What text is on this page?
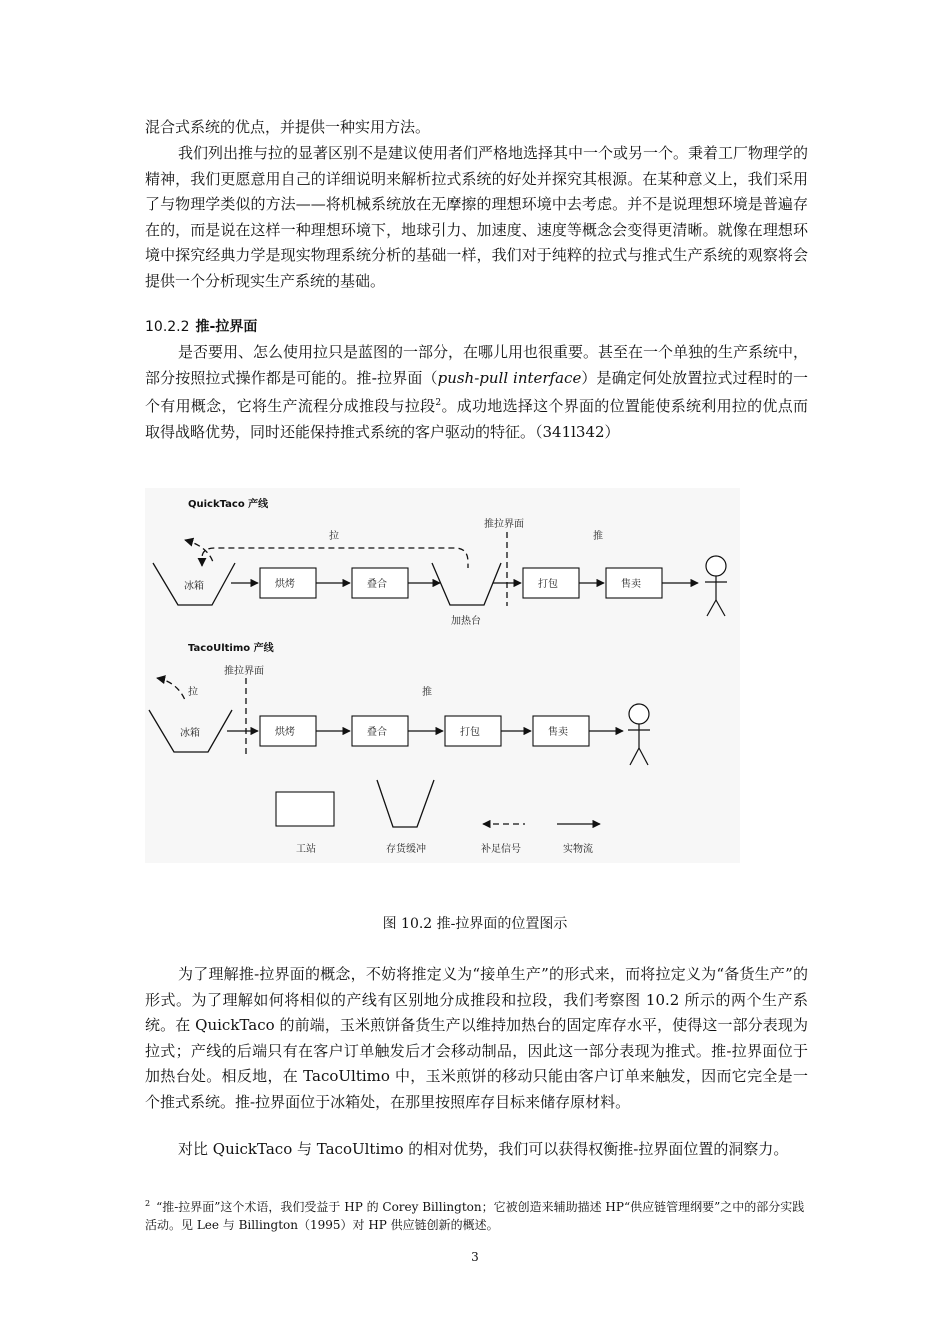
混合式系统的优点，并提供一种实用方法。

我们列出推与拉的显著区别不是建议使用者们严格地选择其中一个或另一个。秉着工厂物理学的精神，我们更愿意用自己的详细说明来解析拉式系统的好处并探究其根源。在某种意义上，我们采用了与物理学类似的方法——将机械系统放在无摩擦的理想环境中去考虑。并不是说理想环境是普遍存在的，而是说在这样一种理想环境下，地球引力、加速度、速度等概念会变得更清晰。就像在理想环境中探究经典力学是现实物理系统分析的基础一样，我们对于纯粹的拉式与推式生产系统的观察将会提供一个分析现实生产系统的基础。

10.2.2 推-拉界面

是否要用、怎么使用拉只是蓝图的一部分，在哪儿用也很重要。甚至在一个单独的生产系统中，部分按照拉式操作都是可能的。推-拉界面（push-pull interface）是确定何处放置拉式过程时的一个有用概念，它将生产流程分成推段与拉段$^2$。成功地选择这个界面的位置能使系统利用拉的优点而取得战略优势，同时还能保持推式系统的客户驱动的特征。（341l342）

QuickTaco 产线
推拉界面
拉	推
冰箱
加热台
烘烤	叠合	打包	售卖
TacoUltimo 产线
推拉界面
拉	推
冰箱	烘烤	叠合	打包	售卖
工站	存货缓冲	补足信号	实物流

图 10.2 推-拉界面的位置图示

为了理解推-拉界面的概念，不妨将推定义为“接单生产”的形式来，而将拉定义为“备货生产”的形式。为了理解如何将相似的产线有区别地分成推段和拉段，我们考察图 10.2 所示的两个生产系统。在 QuickTaco 的前端，玉米煎饼备货生产以维持加热台的固定库存水平，使得这一部分表现为拉式；产线的后端只有在客户订单触发后才会移动制品，因此这一部分表现为推式。推-拉界面位于加热台处。相反地，在 TacoUltimo 中，玉米煎饼的移动只能由客户订单来触发，因而它完全是一个推式系统。推-拉界面位于冰箱处，在那里按照库存目标来储存原材料。

对比 QuickTaco 与 TacoUltimo 的相对优势，我们可以获得权衡推-拉界面位置的洞察力。

$^2$ “推-拉界面”这个术语，我们受益于 HP 的 Corey Billington；它被创造来辅助描述 HP“供应链管理纲要”之中的部分实践活动。见 Lee 与 Billington（1995）对 HP 供应链创新的概述。

3
